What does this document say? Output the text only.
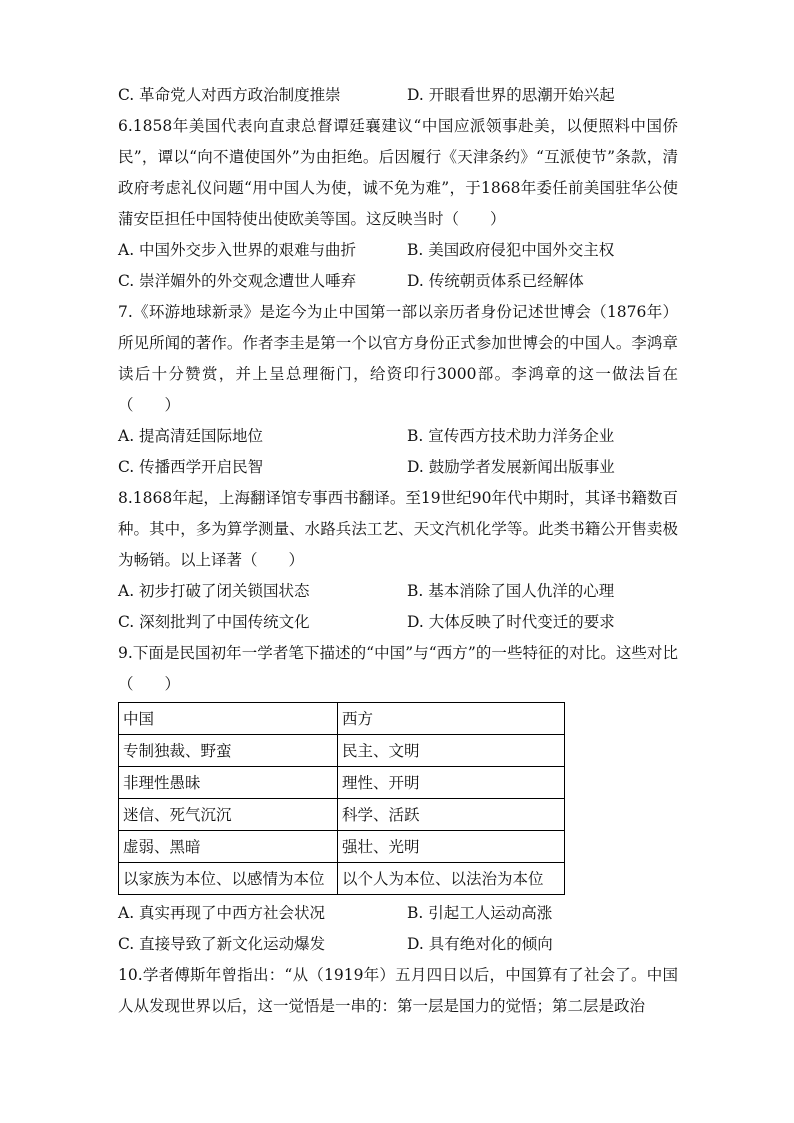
C. 革命党人对西方政治制度推崇	D. 开眼看世界的思潮开始兴起
6.1858年美国代表向直隶总督谭廷襄建议“中国应派领事赴美，以便照料中国侨民”，谭以“向不遣使国外”为由拒绝。后因履行《天津条约》“互派使节”条款，清政府考虑礼仪问题“用中国人为使，诚不免为难”，于1868年委任前美国驻华公使蒲安臣担任中国特使出使欧美等国。这反映当时（　　）
A. 中国外交步入世界的艰难与曲折	B. 美国政府侵犯中国外交主权
C. 崇洋媚外的外交观念遭世人唾弃	D. 传统朝贡体系已经解体
7.《环游地球新录》是迄今为止中国第一部以亲历者身份记述世博会（1876年）所见所闻的著作。作者李圭是第一个以官方身份正式参加世博会的中国人。李鸿章读后十分赞赏，并上呈总理衙门，给资印行3000部。李鸿章的这一做法旨在（　　）
A. 提高清廷国际地位	B. 宣传西方技术助力洋务企业
C. 传播西学开启民智	D. 鼓励学者发展新闻出版事业
8.1868年起，上海翻译馆专事西书翻译。至19世纪90年代中期时，其译书籍数百种。其中，多为算学测量、水路兵法工艺、天文汽机化学等。此类书籍公开售卖极为畅销。以上译著（　　）
A. 初步打破了闭关锁国状态	B. 基本消除了国人仇洋的心理
C. 深刻批判了中国传统文化	D. 大体反映了时代变迁的要求
9.下面是民国初年一学者笔下描述的“中国”与“西方”的一些特征的对比。这些对比（　　）
中国	西方
专制独裁、野蛮	民主、文明
非理性愚昧	理性、开明
迷信、死气沉沉	科学、活跃
虚弱、黑暗	强壮、光明
以家族为本位、以感情为本位	以个人为本位、以法治为本位
A. 真实再现了中西方社会状况	B. 引起工人运动高涨
C. 直接导致了新文化运动爆发	D. 具有绝对化的倾向
10.学者傅斯年曾指出：“从（1919年）五月四日以后，中国算有了社会了。中国人从发现世界以后，这一觉悟是一串的：第一层是国力的觉悟；第二层是政治
